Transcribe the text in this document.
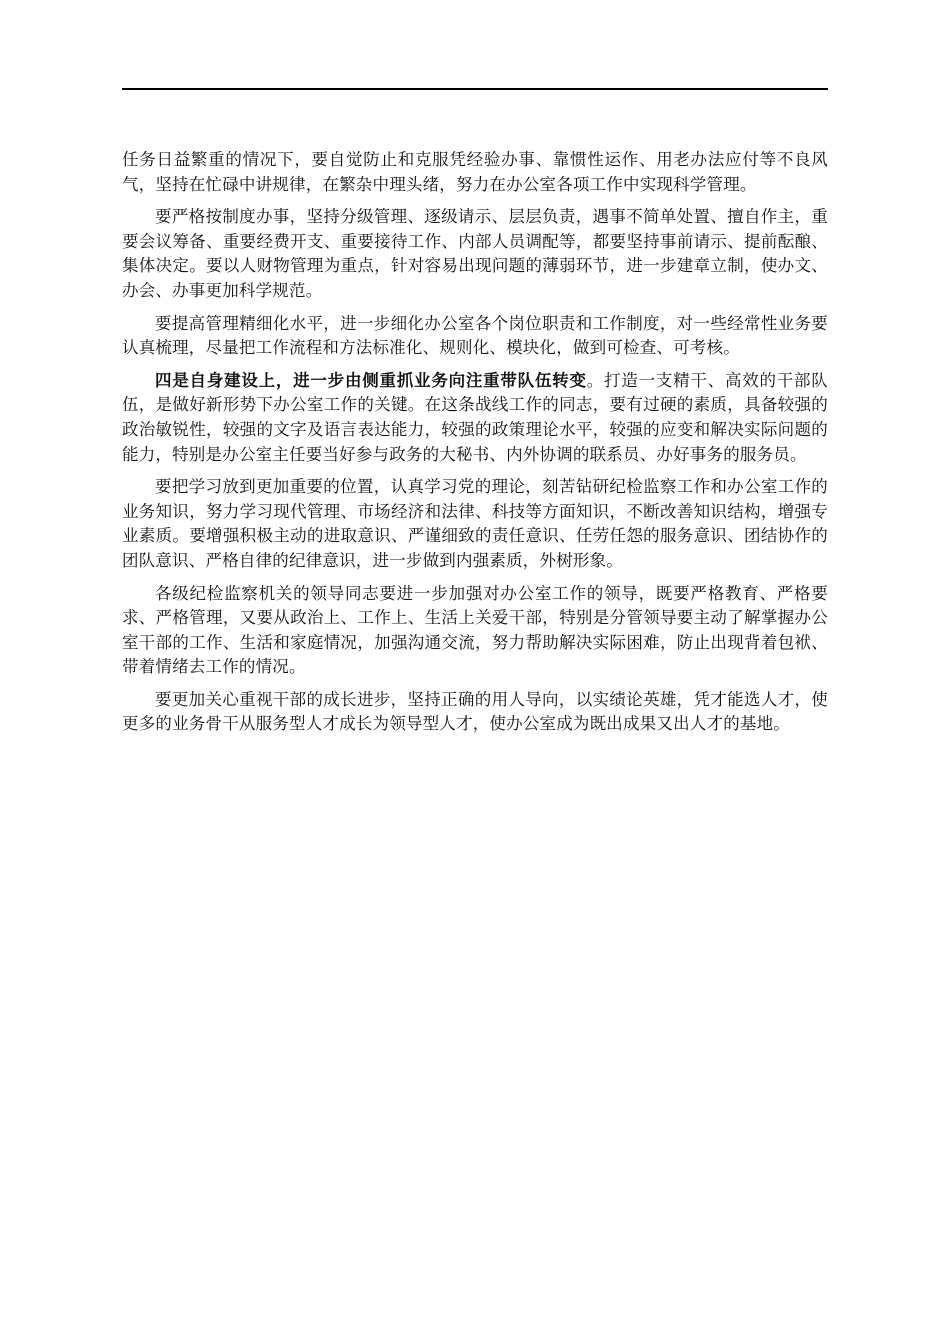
任务日益繁重的情况下，要自觉防止和克服凭经验办事、靠惯性运作、用老办法应付等不良风气，坚持在忙碌中讲规律，在繁杂中理头绪，努力在办公室各项工作中实现科学管理。

要严格按制度办事，坚持分级管理、逐级请示、层层负责，遇事不简单处置、擅自作主，重要会议筹备、重要经费开支、重要接待工作、内部人员调配等，都要坚持事前请示、提前酝酿、集体决定。要以人财物管理为重点，针对容易出现问题的薄弱环节，进一步建章立制，使办文、办会、办事更加科学规范。

要提高管理精细化水平，进一步细化办公室各个岗位职责和工作制度，对一些经常性业务要认真梳理，尽量把工作流程和方法标准化、规则化、模块化，做到可检查、可考核。

四是自身建设上，进一步由侧重抓业务向注重带队伍转变。打造一支精干、高效的干部队伍，是做好新形势下办公室工作的关键。在这条战线工作的同志，要有过硬的素质，具备较强的政治敏锐性，较强的文字及语言表达能力，较强的政策理论水平，较强的应变和解决实际问题的能力，特别是办公室主任要当好参与政务的大秘书、内外协调的联系员、办好事务的服务员。

要把学习放到更加重要的位置，认真学习党的理论，刻苦钻研纪检监察工作和办公室工作的业务知识，努力学习现代管理、市场经济和法律、科技等方面知识，不断改善知识结构，增强专业素质。要增强积极主动的进取意识、严谨细致的责任意识、任劳任怨的服务意识、团结协作的团队意识、严格自律的纪律意识，进一步做到内强素质，外树形象。

各级纪检监察机关的领导同志要进一步加强对办公室工作的领导，既要严格教育、严格要求、严格管理，又要从政治上、工作上、生活上关爱干部，特别是分管领导要主动了解掌握办公室干部的工作、生活和家庭情况，加强沟通交流，努力帮助解决实际困难，防止出现背着包袱、带着情绪去工作的情况。

要更加关心重视干部的成长进步，坚持正确的用人导向，以实绩论英雄，凭才能选人才，使更多的业务骨干从服务型人才成长为领导型人才，使办公室成为既出成果又出人才的基地。
